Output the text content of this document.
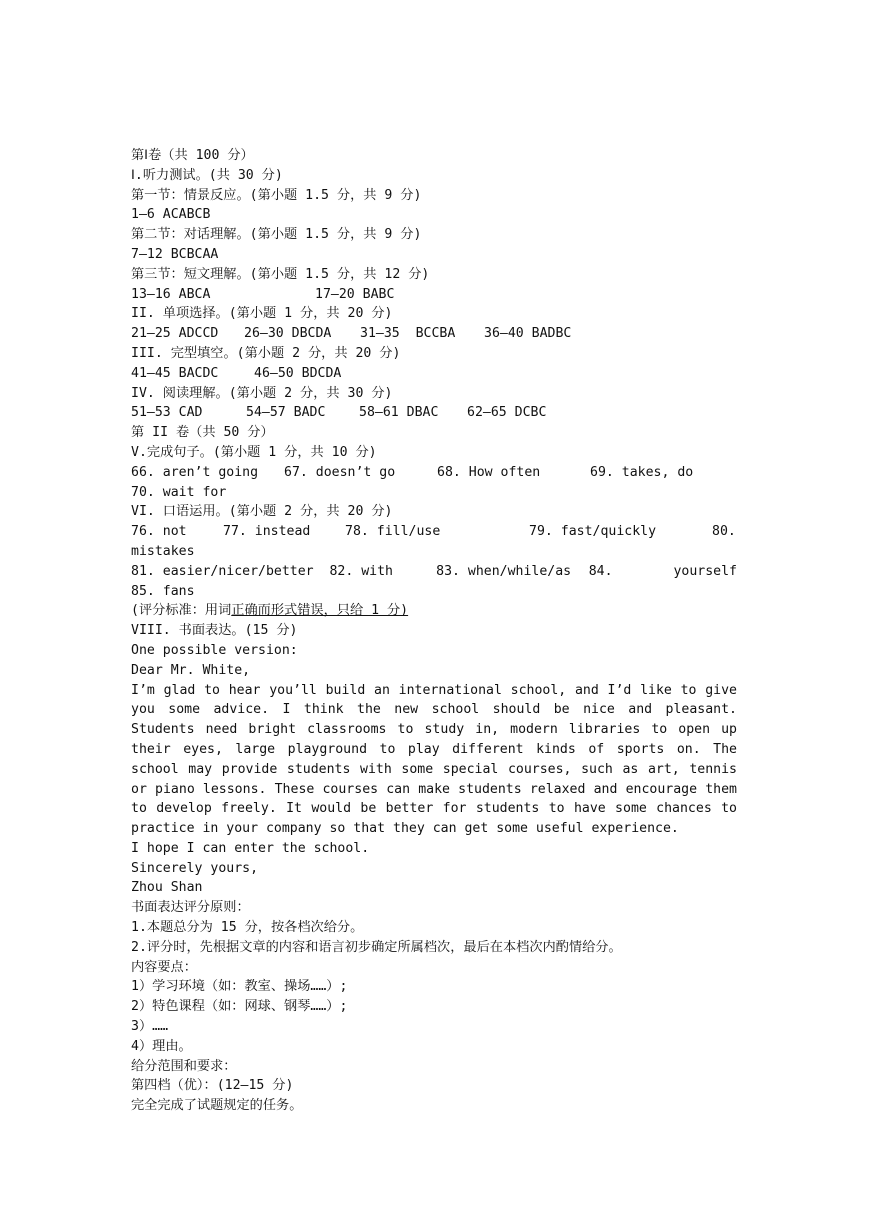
第Ⅰ卷（共 100 分）
Ⅰ.听力测试。(共 30 分)
第一节：情景反应。(第小题 1.5 分，共 9 分)
1—6 ACABCB
第二节：对话理解。(第小题 1.5 分，共 9 分)
7—12 BCBCAA
第三节：短文理解。(第小题 1.5 分，共 12 分)
13—16 ABCA	17—20 BABC
II. 单项选择。(第小题 1 分，共 20 分)
21—25 ADCCD	26—30 DBCDA	31—35  BCCBA	36—40 BADBC
III. 完型填空。(第小题 2 分，共 20 分)
41—45 BACDC	46—50 BDCDA
IV. 阅读理解。(第小题 2 分，共 30 分)
51—53 CAD	54—57 BADC	58—61 DBAC	62—65 DCBC
第 II 卷（共 50 分）
V.完成句子。(第小题 1 分，共 10 分)
66. aren’t going	67. doesn’t go	68. How often	69. takes, do
70. wait for
VI. 口语运用。(第小题 2 分，共 20 分)
76. not	77. instead	78. fill/use	79. fast/quickly	80.
mistakes
81. easier/nicer/better	82. with	83. when/while/as	84.	yourself
85. fans
(评分标准：用词正确而形式错误，只给 1 分)
VIII. 书面表达。(15 分)
One possible version:
Dear Mr. White,

I’m glad to hear you’ll build an international school, and I’d like to give you some advice. I think the new school should be nice and pleasant. Students need bright classrooms to study in, modern libraries to open up their eyes, large playground to play different kinds of sports on. The school may provide students with some special courses, such as art, tennis or piano lessons. These courses can make students relaxed and encourage them to develop freely. It would be better for students to have some chances to practice in your company so that they can get some useful experience.

I hope I can enter the school.
Sincerely yours,
Zhou Shan
书面表达评分原则：
1.本题总分为 15 分，按各档次给分。
2.评分时，先根据文章的内容和语言初步确定所属档次，最后在本档次内酌情给分。
内容要点：
1）学习环境（如：教室、操场……）;
2）特色课程（如：网球、钢琴……）;
3）……
4）理由。
给分范围和要求：
第四档（优）：(12—15 分)
完全完成了试题规定的任务。
